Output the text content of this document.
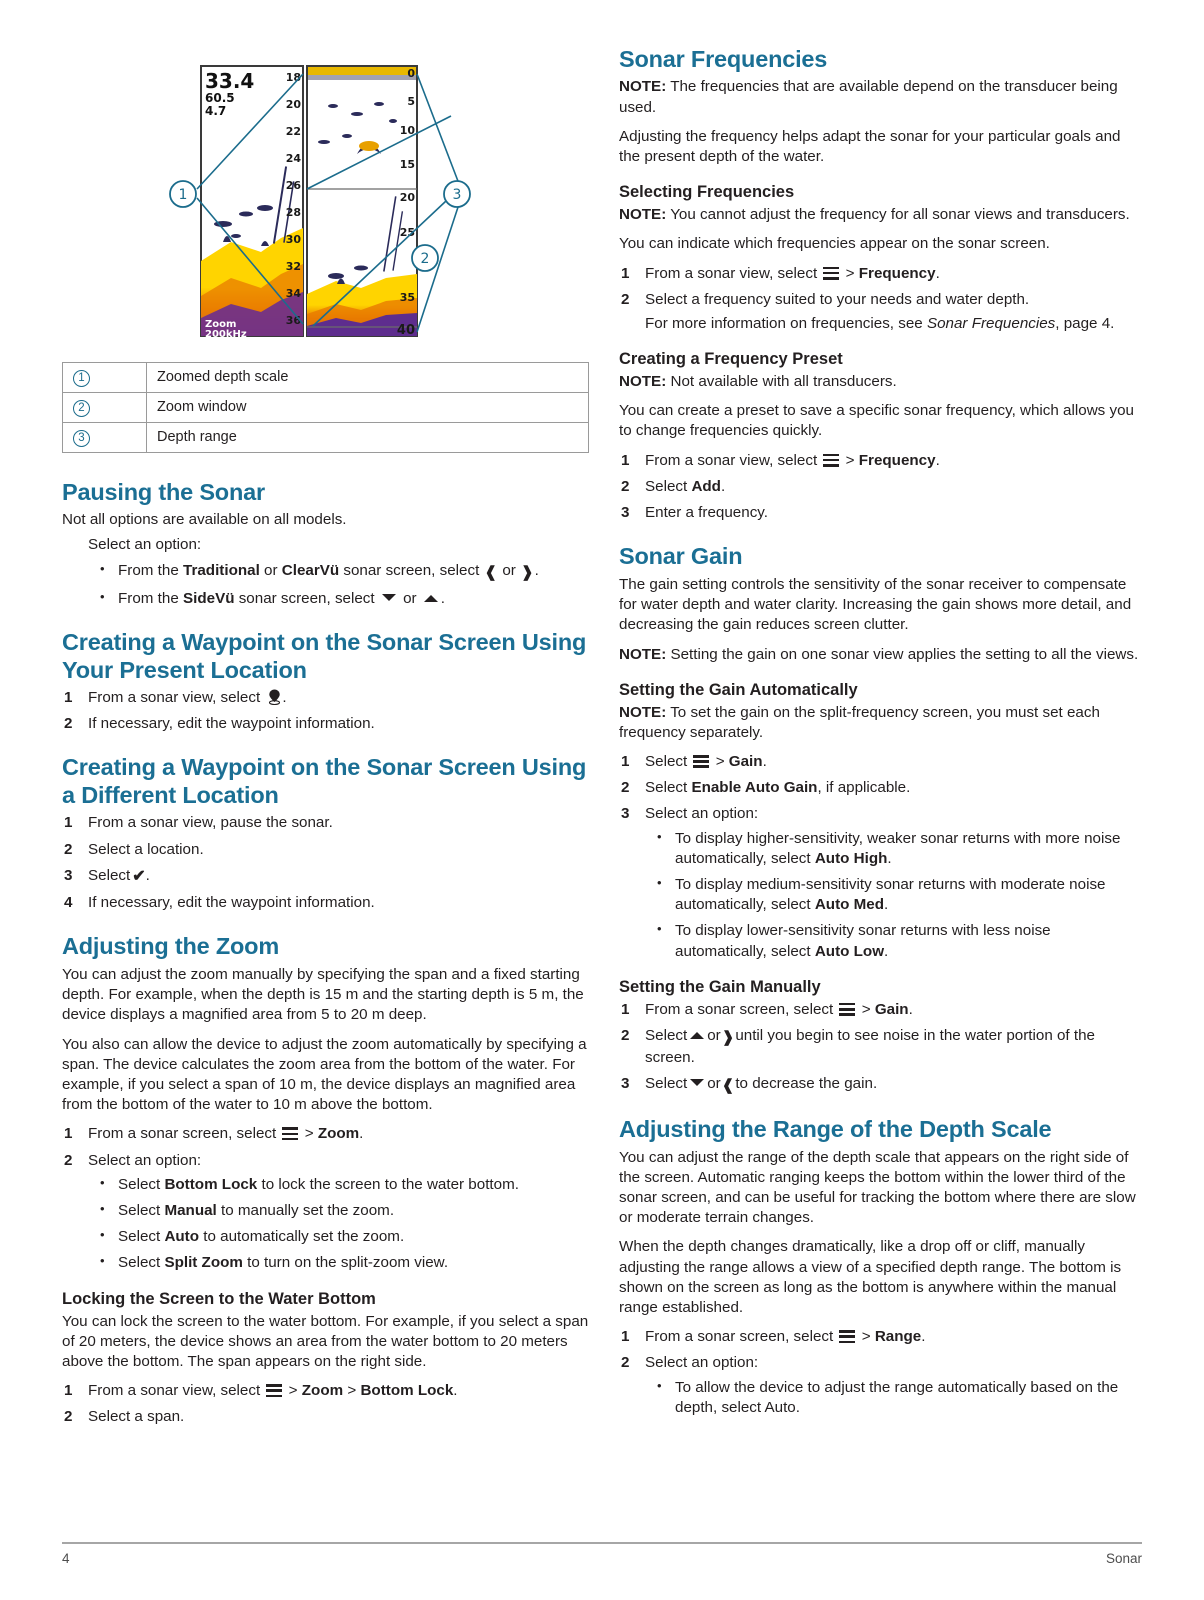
18
20
22
24
26
28
30
32
34
36
33.4
60.5
4.7
Zoom
200kHz
0
5
10
15
20
25
35
40
1	3
2
1	Zoomed depth scale
2	Zoom window
3	Depth range
Pausing the Sonar

Not all options are available on all models.

Select an option:

• From the Traditional or ClearVü sonar screen, select ❰ or ❱.
• From the SideVü sonar screen, select  or .
Creating a Waypoint on the Sonar Screen Using Your Present Location
From a sonar view, select .
If necessary, edit the waypoint information.
Creating a Waypoint on the Sonar Screen Using a Different Location
From a sonar view, pause the sonar.
Select a location.
Select ✔.
If necessary, edit the waypoint information.
Adjusting the Zoom

You can adjust the zoom manually by specifying the span and a fixed starting depth. For example, when the depth is 15 m and the starting depth is 5 m, the device displays a magnified area from 5 to 20 m deep.

You also can allow the device to adjust the zoom automatically by specifying a span. The device calculates the zoom area from the bottom of the water. For example, if you select a span of 10 m, the device displays an magnified area from the bottom of the water to 10 m above the bottom.

From a sonar screen, select > Zoom.
Select an option:
• Select Bottom Lock to lock the screen to the water bottom.
• Select Manual to manually set the zoom.
• Select Auto to automatically set the zoom.
• Select Split Zoom to turn on the split-zoom view.
Locking the Screen to the Water Bottom

You can lock the screen to the water bottom. For example, if you select a span of 20 meters, the device shows an area from the water bottom to 20 meters above the bottom. The span appears on the right side.

From a sonar view, select > Zoom > Bottom Lock.
Select a span.
Sonar Frequencies

NOTE: The frequencies that are available depend on the transducer being used.

Adjusting the frequency helps adapt the sonar for your particular goals and the present depth of the water.

Selecting Frequencies

NOTE: You cannot adjust the frequency for all sonar views and transducers.

You can indicate which frequencies appear on the sonar screen.

From a sonar view, select > Frequency.
Select a frequency suited to your needs and water depth.
For more information on frequencies, see Sonar Frequencies, page 4.
Creating a Frequency Preset

NOTE: Not available with all transducers.

You can create a preset to save a specific sonar frequency, which allows you to change frequencies quickly.

From a sonar view, select > Frequency.
Select Add.
Enter a frequency.
Sonar Gain

The gain setting controls the sensitivity of the sonar receiver to compensate for water depth and water clarity. Increasing the gain shows more detail, and decreasing the gain reduces screen clutter.

NOTE: Setting the gain on one sonar view applies the setting to all the views.

Setting the Gain Automatically

NOTE: To set the gain on the split-frequency screen, you must set each frequency separately.

Select > Gain.
Select Enable Auto Gain, if applicable.
Select an option:
• To display higher-sensitivity, weaker sonar returns with more noise automatically, select Auto High.
• To display medium-sensitivity sonar returns with moderate noise automatically, select Auto Med.
• To display lower-sensitivity sonar returns with less noise automatically, select Auto Low.
Setting the Gain Manually
From a sonar screen, select > Gain.
Select or❱until you begin to see noise in the water portion of the screen.
Select or❰to decrease the gain.
Adjusting the Range of the Depth Scale

You can adjust the range of the depth scale that appears on the right side of the screen. Automatic ranging keeps the bottom within the lower third of the sonar screen, and can be useful for tracking the bottom where there are slow or moderate terrain changes.

When the depth changes dramatically, like a drop off or cliff, manually adjusting the range allows a view of a specified depth range. The bottom is shown on the screen as long as the bottom is anywhere within the manual range established.

From a sonar screen, select > Range.
Select an option:
• To allow the device to adjust the range automatically based on the depth, select Auto.
4	Sonar
